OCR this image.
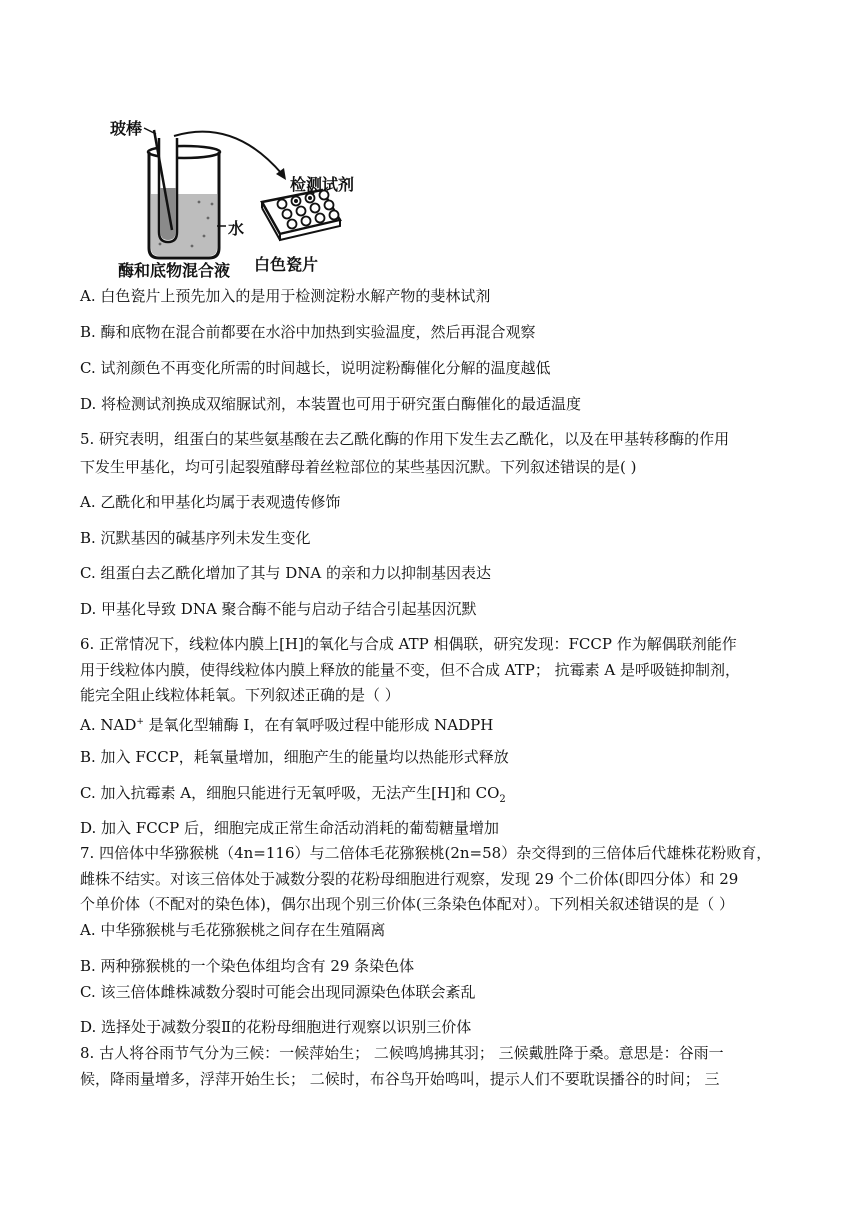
玻棒
检测试剂
水
酶和底物混合液 白色瓷片
A. 白色瓷片上预先加入的是用于检测淀粉水解产物的斐林试剂
B. 酶和底物在混合前都要在水浴中加热到实验温度，然后再混合观察
C. 试剂颜色不再变化所需的时间越长，说明淀粉酶催化分解的温度越低
D. 将检测试剂换成双缩脲试剂，本装置也可用于研究蛋白酶催化的最适温度
5. 研究表明，组蛋白的某些氨基酸在去乙酰化酶的作用下发生去乙酰化，以及在甲基转移酶的作用
下发生甲基化，均可引起裂殖酵母着丝粒部位的某些基因沉默。下列叙述错误的是( )
A. 乙酰化和甲基化均属于表观遗传修饰
B. 沉默基因的碱基序列未发生变化
C. 组蛋白去乙酰化增加了其与 DNA 的亲和力以抑制基因表达
D. 甲基化导致 DNA 聚合酶不能与启动子结合引起基因沉默
6. 正常情况下，线粒体内膜上[H]的氧化与合成 ATP 相偶联，研究发现：FCCP 作为解偶联剂能作
用于线粒体内膜，使得线粒体内膜上释放的能量不变，但不合成 ATP； 抗霉素 A 是呼吸链抑制剂，
能完全阻止线粒体耗氧。下列叙述正确的是（ ）
A. NAD+ 是氧化型辅酶 I，在有氧呼吸过程中能形成 NADPH
B. 加入 FCCP，耗氧量增加，细胞产生的能量均以热能形式释放
C. 加入抗霉素 A，细胞只能进行无氧呼吸，无法产生[H]和 $CO_2$
D. 加入 FCCP 后，细胞完成正常生命活动消耗的葡萄糖量增加
7. 四倍体中华猕猴桃（4n=116）与二倍体毛花猕猴桃(2n=58）杂交得到的三倍体后代雄株花粉败育，
雌株不结实。对该三倍体处于减数分裂的花粉母细胞进行观察，发现 29 个二价体(即四分体）和 29
个单价体（不配对的染色体)，偶尔出现个别三价体(三条染色体配对）。下列相关叙述错误的是（ ）
A. 中华猕猴桃与毛花猕猴桃之间存在生殖隔离
B. 两种猕猴桃的一个染色体组均含有 29 条染色体
C. 该三倍体雌株减数分裂时可能会出现同源染色体联会紊乱
D. 选择处于减数分裂Ⅱ的花粉母细胞进行观察以识别三价体
8. 古人将谷雨节气分为三候：一候萍始生； 二候鸣鸠拂其羽； 三候戴胜降于桑。意思是：谷雨一
候，降雨量增多，浮萍开始生长； 二候时，布谷鸟开始鸣叫，提示人们不要耽误播谷的时间； 三
